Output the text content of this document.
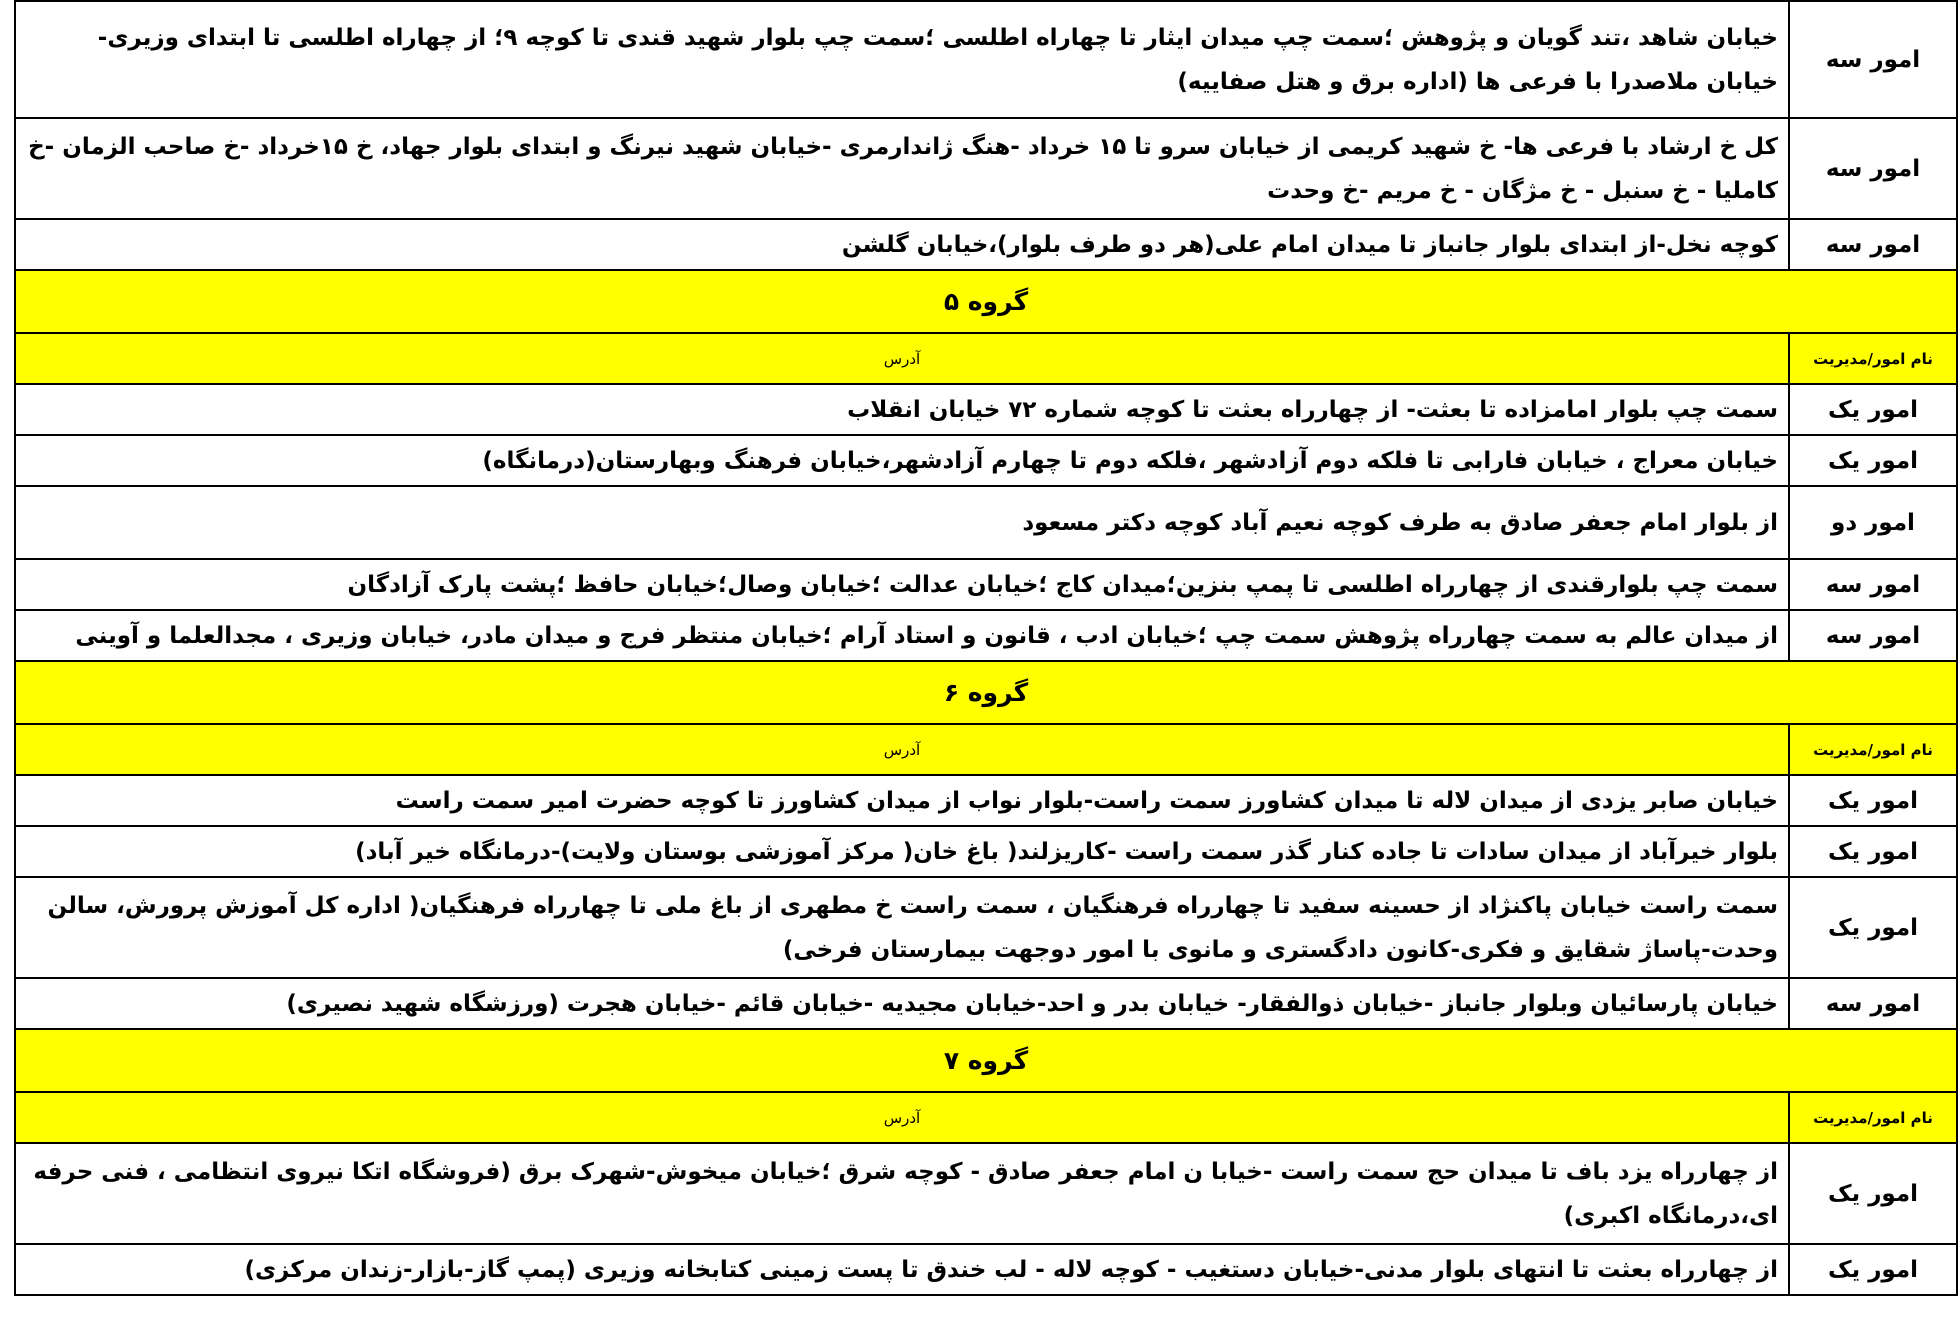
امور سه	خیابان شاهد ،تند گویان و پژوهش ؛سمت چپ میدان ایثار تا چهاراه اطلسی ؛سمت چپ بلوار شهید قندی تا کوچه ۹؛ از چهاراه اطلسی تا ابتدای وزیری- خیابان ملاصدرا با فرعی ها (اداره برق و هتل صفاییه)
امور سه	کل خ ارشاد با فرعی ها- خ شهید کریمی از خیابان سرو تا ۱۵ خرداد -هنگ ژاندارمری -خیابان شهید نیرنگ و ابتدای بلوار جهاد، خ ۱۵خرداد -خ صاحب الزمان -خ کاملیا - خ سنبل - خ مژگان - خ مریم -خ وحدت
امور سه	کوچه نخل-از ابتدای بلوار جانباز تا میدان امام علی(هر دو طرف بلوار)،خیابان گلشن
گروه ۵	
نام امور/مدیریت	آدرس
امور یک	سمت چپ بلوار امامزاده تا بعثت- از چهارراه بعثت تا کوچه شماره ۷۲ خیابان انقلاب
امور یک	خیابان معراج ، خیابان فارابی تا فلکه دوم آزادشهر ،فلکه دوم تا چهارم آزادشهر،خیابان فرهنگ وبهارستان(درمانگاه)
امور دو	از بلوار امام جعفر صادق به طرف کوچه نعیم آباد کوچه دکتر مسعود
امور سه	سمت چپ بلوارقندی از چهارراه اطلسی تا پمپ بنزین؛میدان کاج ؛خیابان عدالت ؛خیابان وصال؛خیابان حافظ ؛پشت پارک آزادگان
امور سه	از میدان عالم به سمت چهارراه پژوهش سمت چپ ؛خیابان ادب ، قانون و استاد آرام ؛خیابان منتظر فرج و میدان مادر، خیابان وزیری ، مجدالعلما و آوینی
گروه ۶	
نام امور/مدیریت	آدرس
امور یک	خیابان صابر یزدی از میدان لاله تا میدان کشاورز سمت راست-بلوار نواب از میدان کشاورز تا کوچه حضرت امیر سمت راست
امور یک	بلوار خیرآباد از میدان سادات تا جاده کنار گذر سمت راست -کاریزلند( باغ خان( مرکز آموزشی بوستان ولایت)-درمانگاه خیر آباد)
امور یک	سمت راست خیابان پاکنژاد از حسینه سفید تا چهارراه فرهنگیان ، سمت راست خ مطهری از باغ ملی تا چهارراه فرهنگیان( اداره کل آموزش پرورش، سالن وحدت-پاساژ شقایق و فکری-کانون دادگستری و مانوی با امور دوجهت بیمارستان فرخی)
امور سه	خیابان پارسائیان وبلوار جانباز -خیابان ذوالفقار- خیابان بدر و احد-خیابان مجیدیه -خیابان قائم -خیابان هجرت (ورزشگاه شهید نصیری)
گروه ۷	
نام امور/مدیریت	آدرس
امور یک	از چهارراه یزد باف تا میدان حج سمت راست -خیابا ن امام جعفر صادق - کوچه شرق ؛خیابان میخوش-شهرک برق (فروشگاه اتکا نیروی انتظامی ، فنی حرفه ای،درمانگاه اکبری)
امور یک	از چهارراه بعثت تا انتهای بلوار مدنی-خیابان دستغیب - کوچه لاله - لب خندق تا پست زمینی کتابخانه وزیری (پمپ گاز-بازار-زندان مرکزی)
